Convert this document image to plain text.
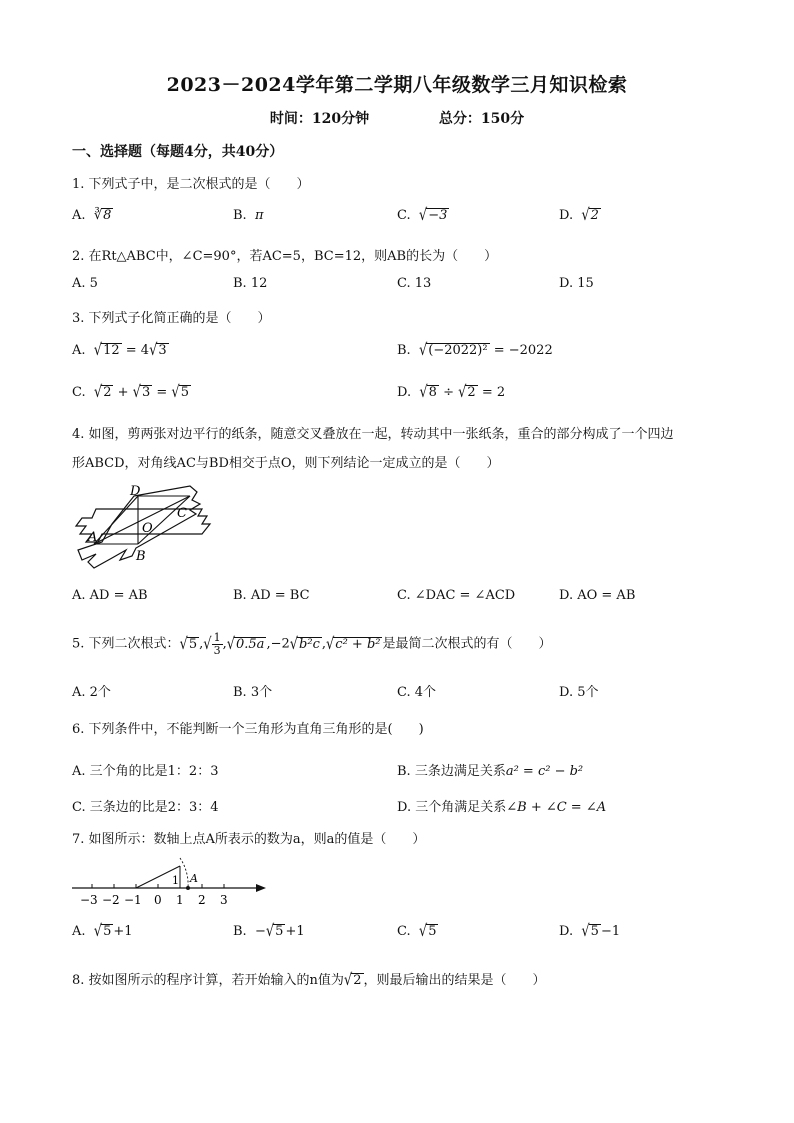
2023－2024学年第二学期八年级数学三月知识检索
时间：120分钟	总分：150分
一、选择题（每题4分，共40分）
1. 下列式子中，是二次根式的是（　　）
A. ∛8	B. π	C. √−3	D. √2
2. 在Rt△ABC中，∠C=90°，若AC=5，BC=12，则AB的长为（　　）
A. 5	B. 12	C. 13	D. 15
3. 下列式子化简正确的是（　　）
A. √12 = 4√3	B. √(−2022)² = −2022
C. √2 + √3 = √5	D. √8 ÷ √2 = 2
4. 如图，剪两张对边平行的纸条，随意交叉叠放在一起，转动其中一张纸条，重合的部分构成了一个四边
形ABCD，对角线AC与BD相交于点O，则下列结论一定成立的是（　　）
D
C
O
A
B
A. AD = AB	B. AD = BC	C. ∠DAC = ∠ACD	D. AO = AB
5. 下列二次根式：√5 ,√ $\frac{1}{3} ,√0.5a$ ,−2√b²c ,√c² + b² 是最简二次根式的有（　　）
A. 2个	B. 3个	C. 4个	D. 5个
6. 下列条件中，不能判断一个三角形为直角三角形的是(　　)
A. 三个角的比是1：2：3	B. 三条边满足关系a² = c² − b²
C. 三条边的比是2：3：4	D. 三个角满足关系∠B + ∠C = ∠A
7. 如图所示：数轴上点A所表示的数为a，则a的值是（　　）
1 A
−3 −2 −1 0 1 2 3
A. √5 +1	B.  −√5 +1	C. √5	D. √5 −1
8. 按如图所示的程序计算，若开始输入的n值为√2 ，则最后输出的结果是（　　）
